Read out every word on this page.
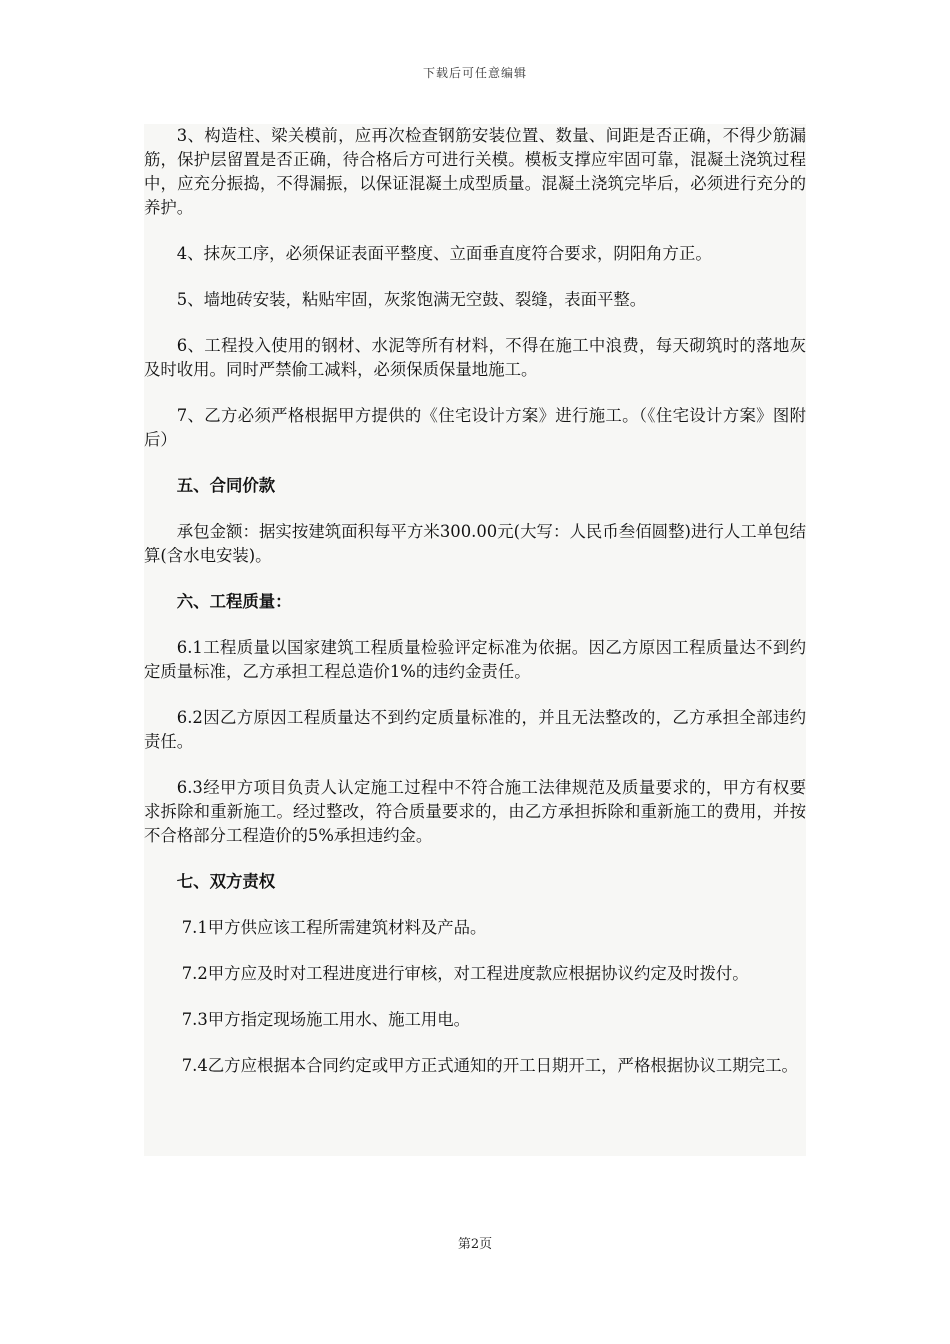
下载后可任意编辑

3、构造柱、梁关模前，应再次检查钢筋安装位置、数量、间距是否正确，不得少筋漏筋，保护层留置是否正确，待合格后方可进行关模。模板支撑应牢固可靠，混凝土浇筑过程中，应充分振捣，不得漏振，以保证混凝土成型质量。混凝土浇筑完毕后，必须进行充分的养护。

4、抹灰工序，必须保证表面平整度、立面垂直度符合要求，阴阳角方正。

5、墙地砖安装，粘贴牢固，灰浆饱满无空鼓、裂缝，表面平整。

6、工程投入使用的钢材、水泥等所有材料，不得在施工中浪费，每天砌筑时的落地灰及时收用。同时严禁偷工减料，必须保质保量地施工。

7、乙方必须严格根据甲方提供的《住宅设计方案》进行施工。（《住宅设计方案》图附后）

五、合同价款

承包金额：据实按建筑面积每平方米300.00元(大写：人民币叁佰圆整)进行人工单包结算(含水电安装)。

六、工程质量：

6.1工程质量以国家建筑工程质量检验评定标准为依据。因乙方原因工程质量达不到约定质量标准，乙方承担工程总造价1%的违约金责任。

6.2因乙方原因工程质量达不到约定质量标准的，并且无法整改的，乙方承担全部违约责任。

6.3经甲方项目负责人认定施工过程中不符合施工法律规范及质量要求的，甲方有权要求拆除和重新施工。经过整改，符合质量要求的，由乙方承担拆除和重新施工的费用，并按不合格部分工程造价的5%承担违约金。

七、双方责权

7.1甲方供应该工程所需建筑材料及产品。

7.2甲方应及时对工程进度进行审核，对工程进度款应根据协议约定及时拨付。

7.3甲方指定现场施工用水、施工用电。

7.4乙方应根据本合同约定或甲方正式通知的开工日期开工，严格根据协议工期完工。

第2页
